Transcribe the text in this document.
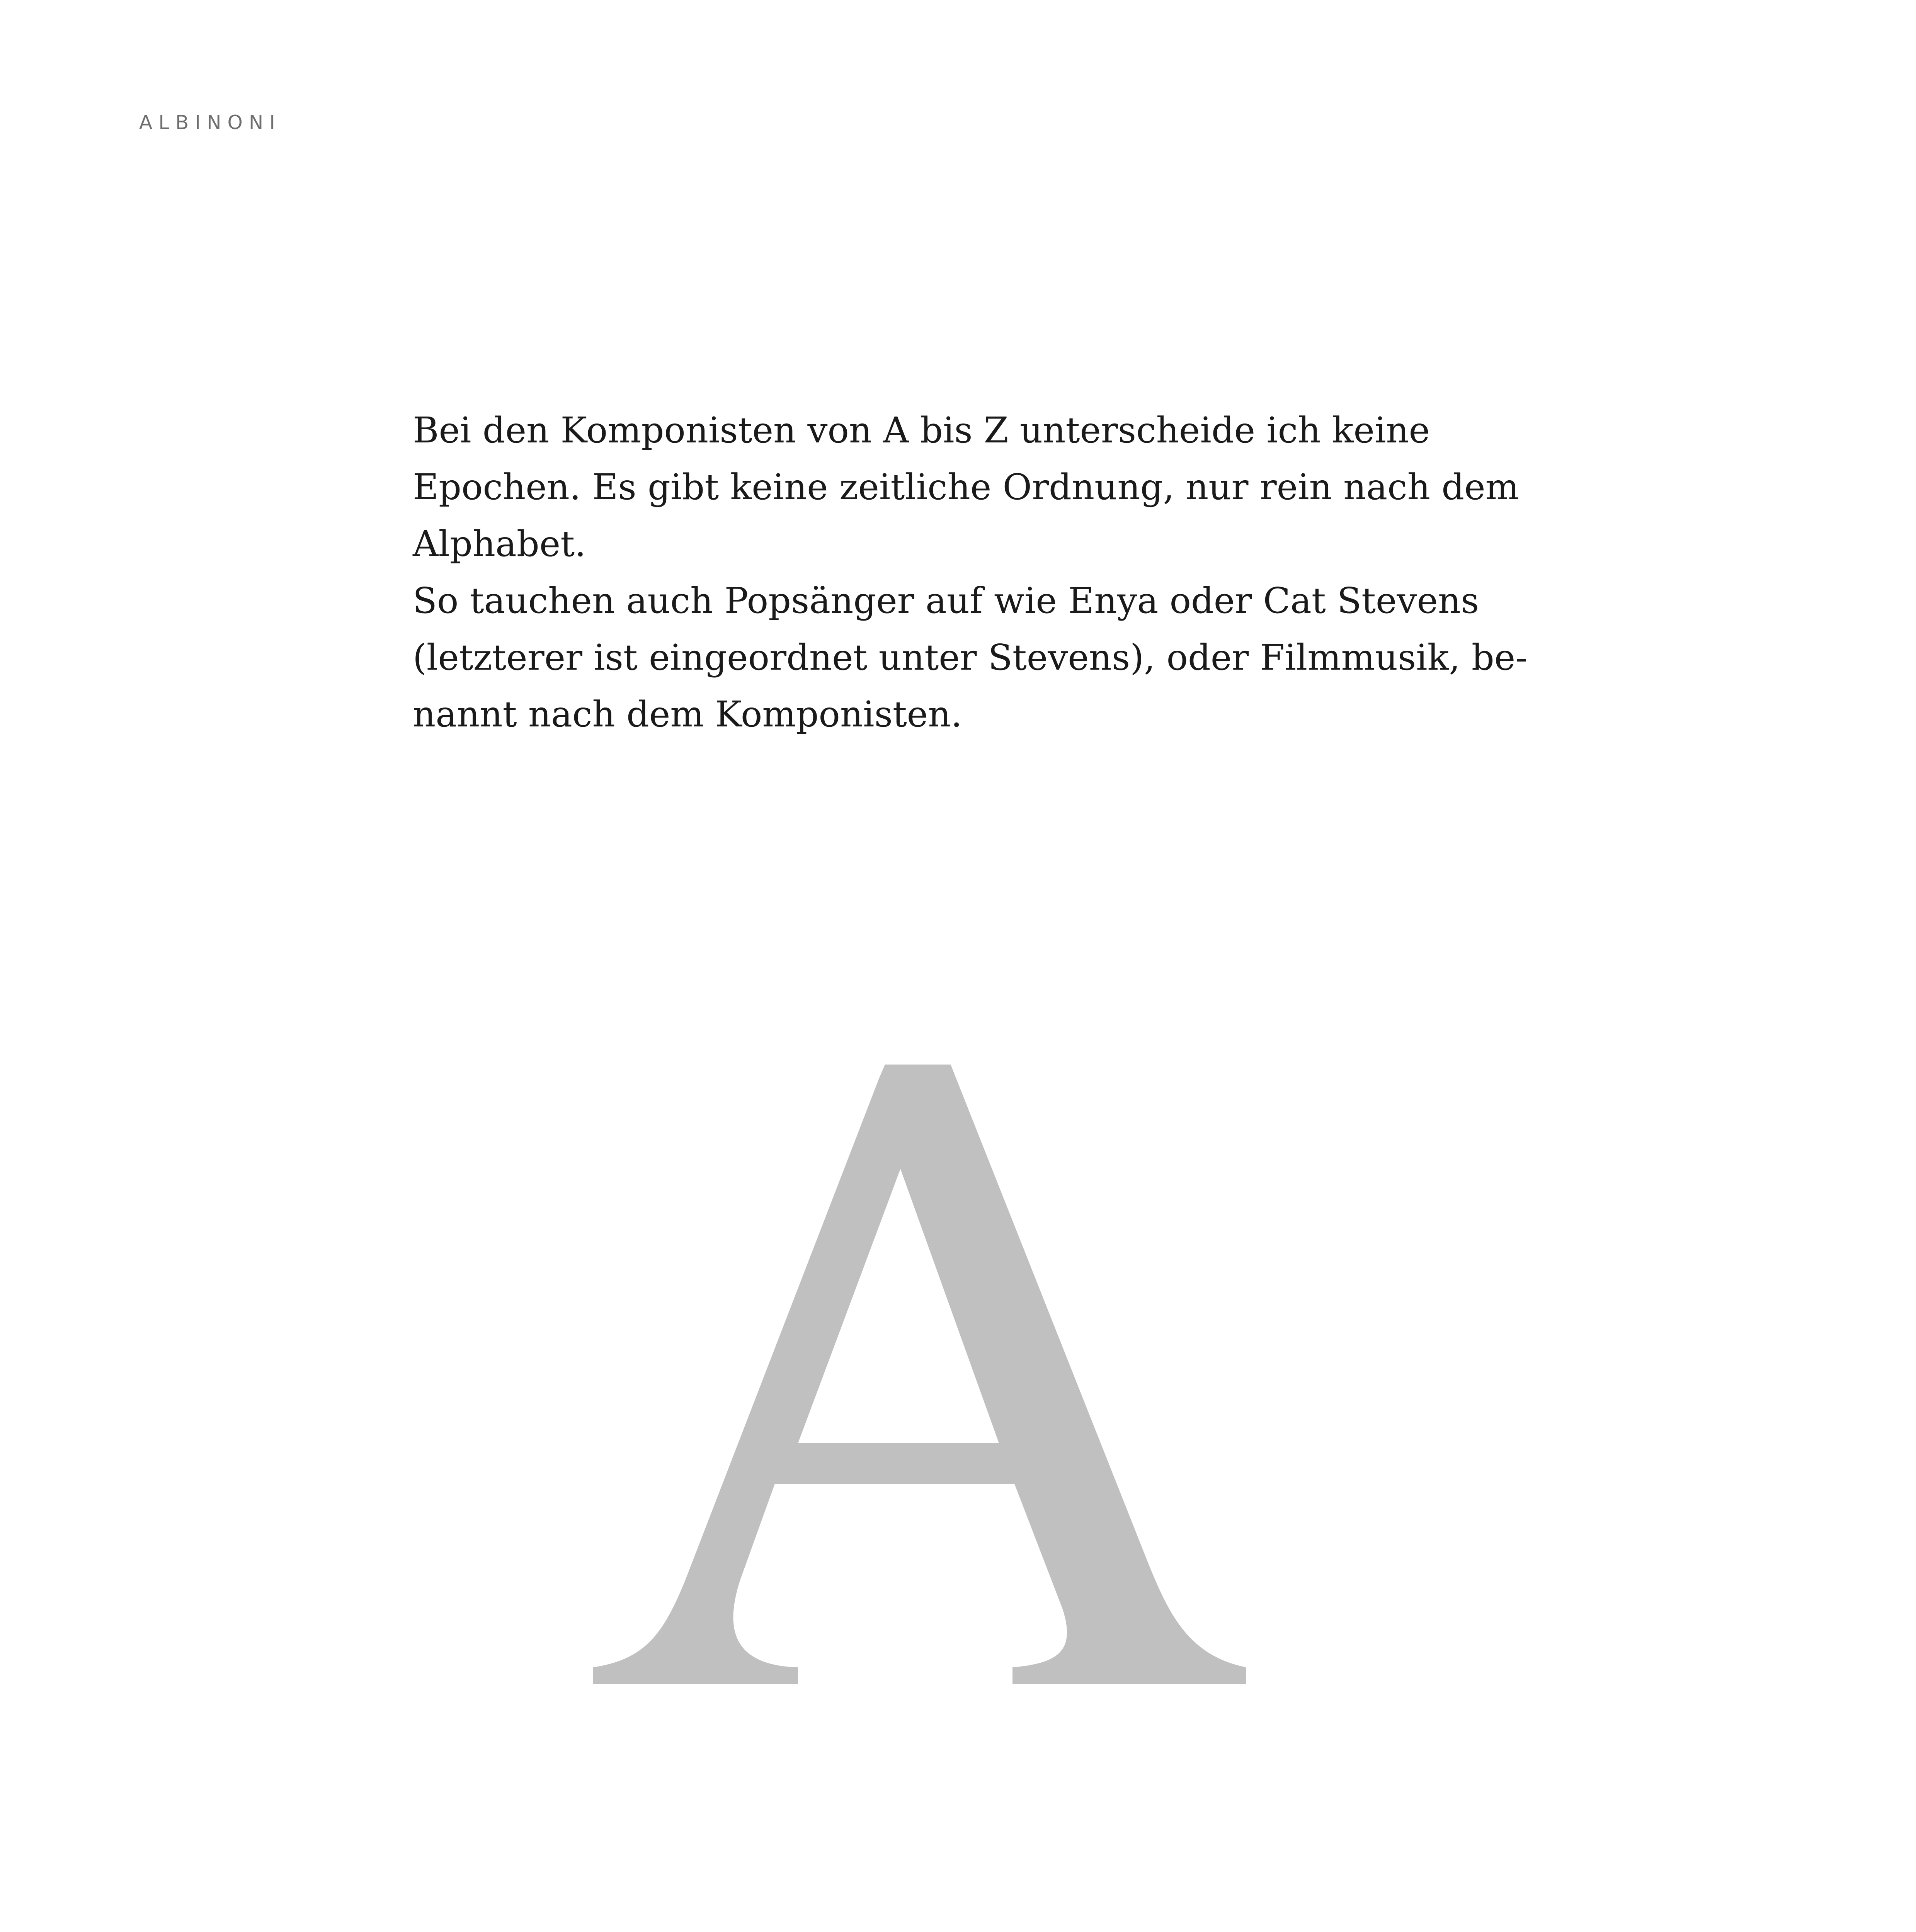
ALBINONI
Bei den Komponisten von A bis Z unterscheide ich keine
Epochen. Es gibt keine zeitliche Ordnung, nur rein nach dem
Alphabet.
So tauchen auch Popsänger auf wie Enya oder Cat Stevens
(letzterer ist eingeordnet unter Stevens), oder Filmmusik, be-
nannt nach dem Komponisten.
